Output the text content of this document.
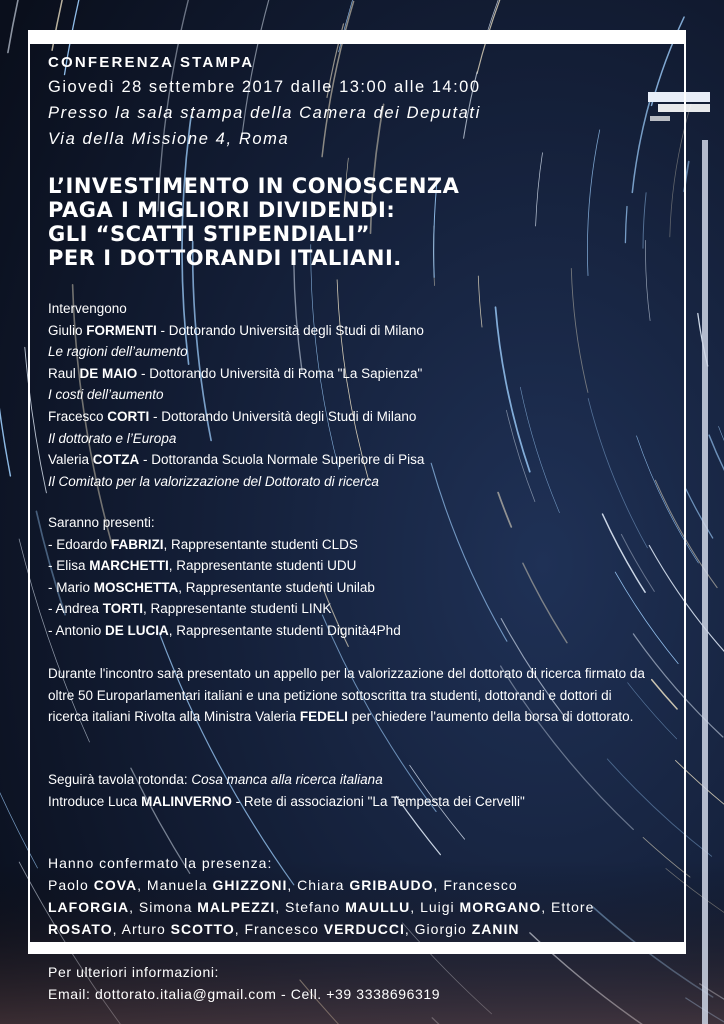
CONFERENZA STAMPA
Giovedì 28 settembre 2017 dalle 13:00 alle 14:00
Presso la sala stampa della Camera dei Deputati
Via della Missione 4, Roma
L’INVESTIMENTO IN CONOSCENZA
PAGA I MIGLIORI DIVIDENDI:
GLI “SCATTI STIPENDIALI”
PER I DOTTORANDI ITALIANI.
Intervengono
Giulio FORMENTI - Dottorando Università degli Studi di Milano
Le ragioni dell’aumento
Raul DE MAIO - Dottorando Università di Roma "La Sapienza"
I costi dell’aumento
Fracesco CORTI - Dottorando Università degli Studi di Milano
Il dottorato e l’Europa
Valeria COTZA - Dottoranda Scuola Normale Superiore di Pisa
Il Comitato per la valorizzazione del Dottorato di ricerca
Saranno presenti:
- Edoardo FABRIZI, Rappresentante studenti CLDS
- Elisa MARCHETTI, Rappresentante studenti UDU
- Mario MOSCHETTA, Rappresentante studenti Unilab
- Andrea TORTI, Rappresentante studenti LINK
- Antonio DE LUCIA, Rappresentante studenti Dignità4Phd
Durante l'incontro sarà presentato un appello per la valorizzazione del dottorato di ricerca firmato da oltre 50 Europarlamentari italiani e una petizione sottoscritta tra studenti, dottorandi e dottori di ricerca italiani Rivolta alla Ministra Valeria FEDELI per chiedere l'aumento della borsa di dottorato.
Seguirà tavola rotonda: Cosa manca alla ricerca italiana
Introduce Luca MALINVERNO - Rete di associazioni "La Tempesta dei Cervelli"
Hanno confermato la presenza:
Paolo COVA, Manuela GHIZZONI, Chiara GRIBAUDO, Francesco LAFORGIA, Simona MALPEZZI, Stefano MAULLU, Luigi MORGANO, Ettore ROSATO, Arturo SCOTTO, Francesco VERDUCCI, Giorgio ZANIN
Per ulteriori informazioni:
Email: dottorato.italia@gmail.com - Cell. +39 3338696319
